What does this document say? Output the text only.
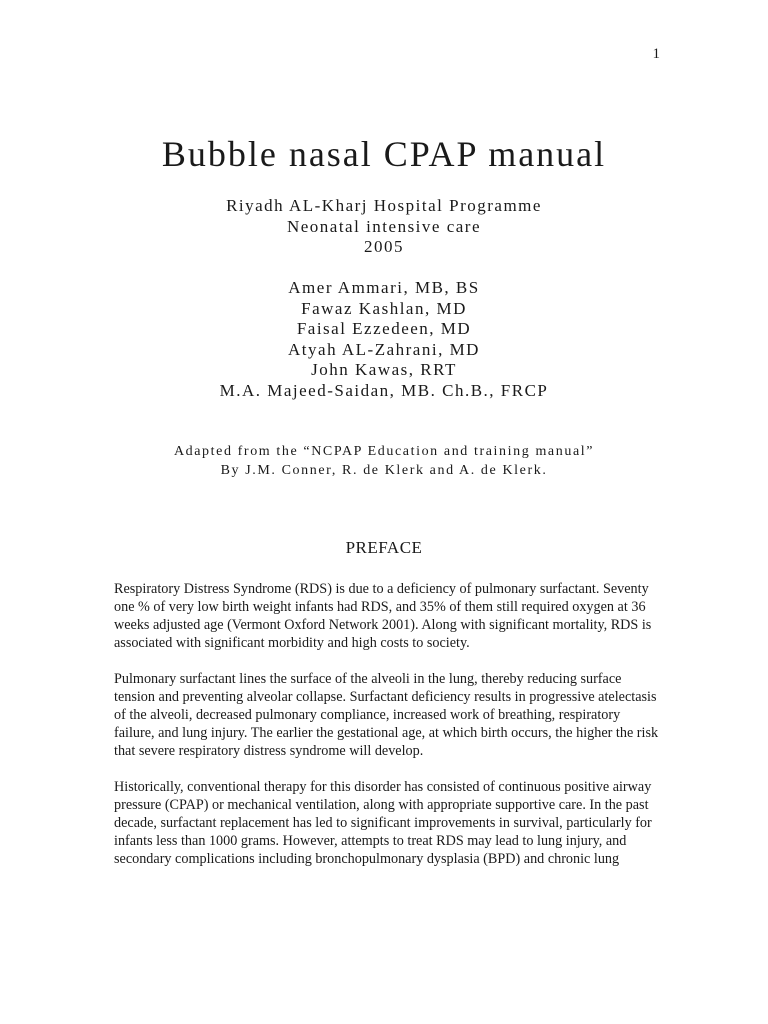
1
Bubble nasal CPAP manual
Riyadh AL-Kharj Hospital Programme
Neonatal intensive care
2005
Amer Ammari, MB, BS
Fawaz Kashlan, MD
Faisal Ezzedeen, MD
Atyah AL-Zahrani, MD
John Kawas, RRT
M.A. Majeed-Saidan, MB. Ch.B., FRCP
Adapted from the “NCPAP Education and training manual”
By J.M. Conner, R. de Klerk and A. de Klerk.
PREFACE

Respiratory Distress Syndrome (RDS) is due to a deficiency of pulmonary surfactant. Seventy one % of very low birth weight infants had RDS, and 35% of them still required oxygen at 36 weeks adjusted age (Vermont Oxford Network 2001). Along with significant mortality, RDS is associated with significant morbidity and high costs to society.

Pulmonary surfactant lines the surface of the alveoli in the lung, thereby reducing surface tension and preventing alveolar collapse. Surfactant deficiency results in progressive atelectasis of the alveoli, decreased pulmonary compliance, increased work of breathing, respiratory failure, and lung injury. The earlier the gestational age, at which birth occurs, the higher the risk that severe respiratory distress syndrome will develop.

Historically, conventional therapy for this disorder has consisted of continuous positive airway pressure (CPAP) or mechanical ventilation, along with appropriate supportive care. In the past decade, surfactant replacement has led to significant improvements in survival, particularly for infants less than 1000 grams. However, attempts to treat RDS may lead to lung injury, and secondary complications including bronchopulmonary dysplasia (BPD) and chronic lung
